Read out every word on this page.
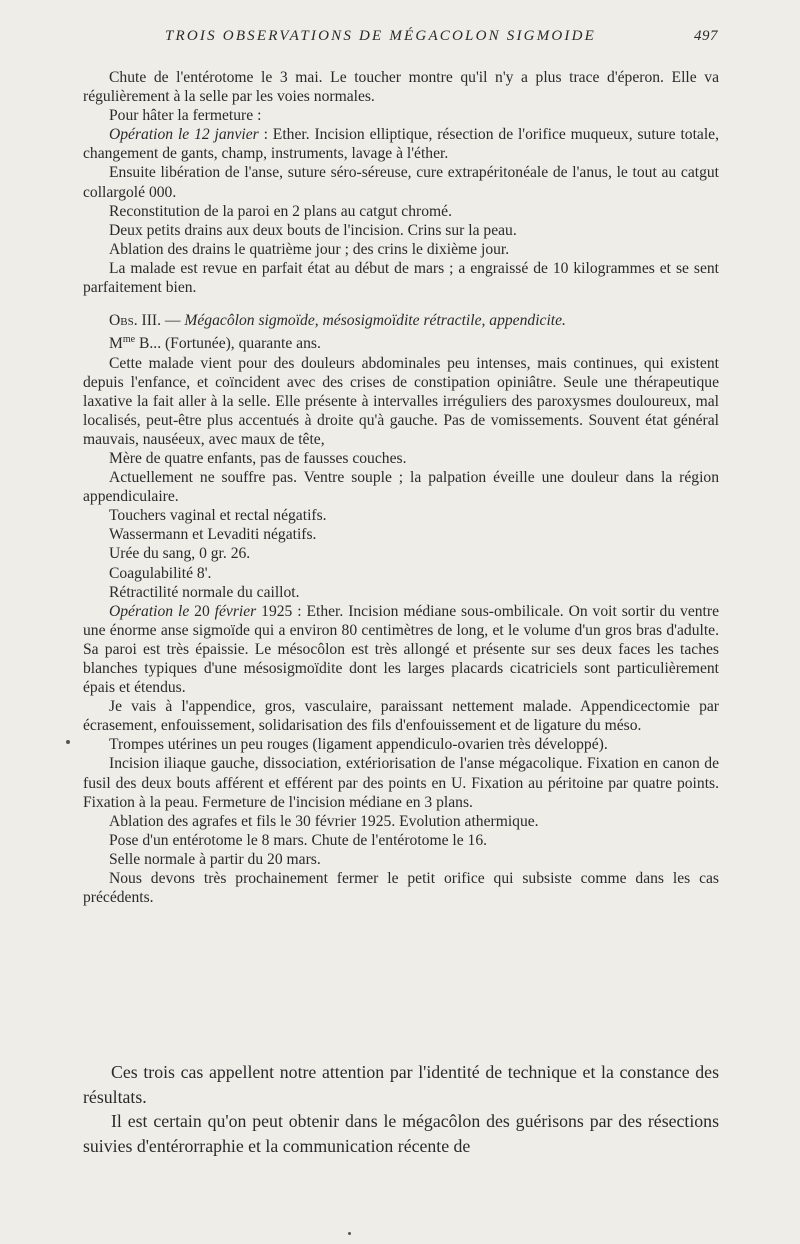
TROIS OBSERVATIONS DE MÉGACOLON SIGMOIDE	497

Chute de l'entérotome le 3 mai. Le toucher montre qu'il n'y a plus trace d'éperon. Elle va régulièrement à la selle par les voies normales.

Pour hâter la fermeture :

Opération le 12 janvier : Ether. Incision elliptique, résection de l'orifice muqueux, suture totale, changement de gants, champ, instruments, lavage à l'éther.

Ensuite libération de l'anse, suture séro-séreuse, cure extrapéritonéale de l'anus, le tout au catgut collargolé 000.

Reconstitution de la paroi en 2 plans au catgut chromé.

Deux petits drains aux deux bouts de l'incision. Crins sur la peau.

Ablation des drains le quatrième jour ; des crins le dixième jour.

La malade est revue en parfait état au début de mars ; a engraissé de 10 kilogrammes et se sent parfaitement bien.

Obs. III. — Mégacôlon sigmoïde, mésosigmoïdite rétractile, appendicite.

$M^{me}$ B... (Fortunée), quarante ans.

Cette malade vient pour des douleurs abdominales peu intenses, mais continues, qui existent depuis l'enfance, et coïncident avec des crises de constipation opiniâtre. Seule une thérapeutique laxative la fait aller à la selle. Elle présente à intervalles irréguliers des paroxysmes douloureux, mal localisés, peut-être plus accentués à droite qu'à gauche. Pas de vomissements. Souvent état général mauvais, nauséeux, avec maux de tête,

Mère de quatre enfants, pas de fausses couches.

Actuellement ne souffre pas. Ventre souple ; la palpation éveille une douleur dans la région appendiculaire.

Touchers vaginal et rectal négatifs.

Wassermann et Levaditi négatifs.

Urée du sang, 0 gr. 26.

Coagulabilité 8'.

Rétractilité normale du caillot.

Opération le 20 février 1925 : Ether. Incision médiane sous-ombilicale. On voit sortir du ventre une énorme anse sigmoïde qui a environ 80 centimètres de long, et le volume d'un gros bras d'adulte. Sa paroi est très épaissie. Le mésocôlon est très allongé et présente sur ses deux faces les taches blanches typiques d'une mésosigmoïdite dont les larges placards cicatriciels sont particulièrement épais et étendus.

Je vais à l'appendice, gros, vasculaire, paraissant nettement malade. Appendicectomie par écrasement, enfouissement, solidarisation des fils d'enfouissement et de ligature du méso.

Trompes utérines un peu rouges (ligament appendiculo-ovarien très développé).

Incision iliaque gauche, dissociation, extériorisation de l'anse mégacolique. Fixation en canon de fusil des deux bouts afférent et efférent par des points en U. Fixation au péritoine par quatre points. Fixation à la peau. Fermeture de l'incision médiane en 3 plans.

Ablation des agrafes et fils le 30 février 1925. Evolution athermique.

Pose d'un entérotome le 8 mars. Chute de l'entérotome le 16.

Selle normale à partir du 20 mars.

Nous devons très prochainement fermer le petit orifice qui subsiste comme dans les cas précédents.

Ces trois cas appellent notre attention par l'identité de technique et la constance des résultats.

Il est certain qu'on peut obtenir dans le mégacôlon des guérisons par des résections suivies d'entérorraphie et la communication récente de
